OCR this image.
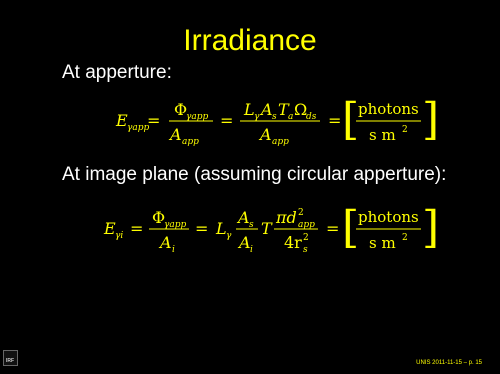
Irradiance
At apperture:
E γapp
=
Φ
γapp
A app
=
L γ A s T a Ω
ds
A app
= [
photons
s m 2 ]
At image plane (assuming circular apperture):
E γi =
Φ
γapp
A i
= L γ
A s
A i
T
πd 2
app
4r 2
s
= [
photons
s m 2 ]
IRF	UNIS 2011-11-15 – p. 15
